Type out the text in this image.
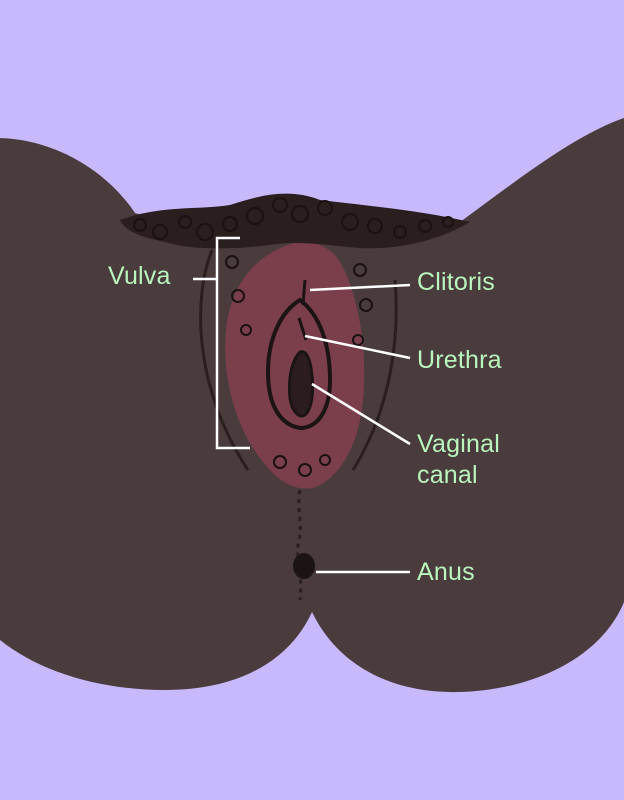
Vulva	Clitoris
Urethra
Vaginal
canal
Anus
